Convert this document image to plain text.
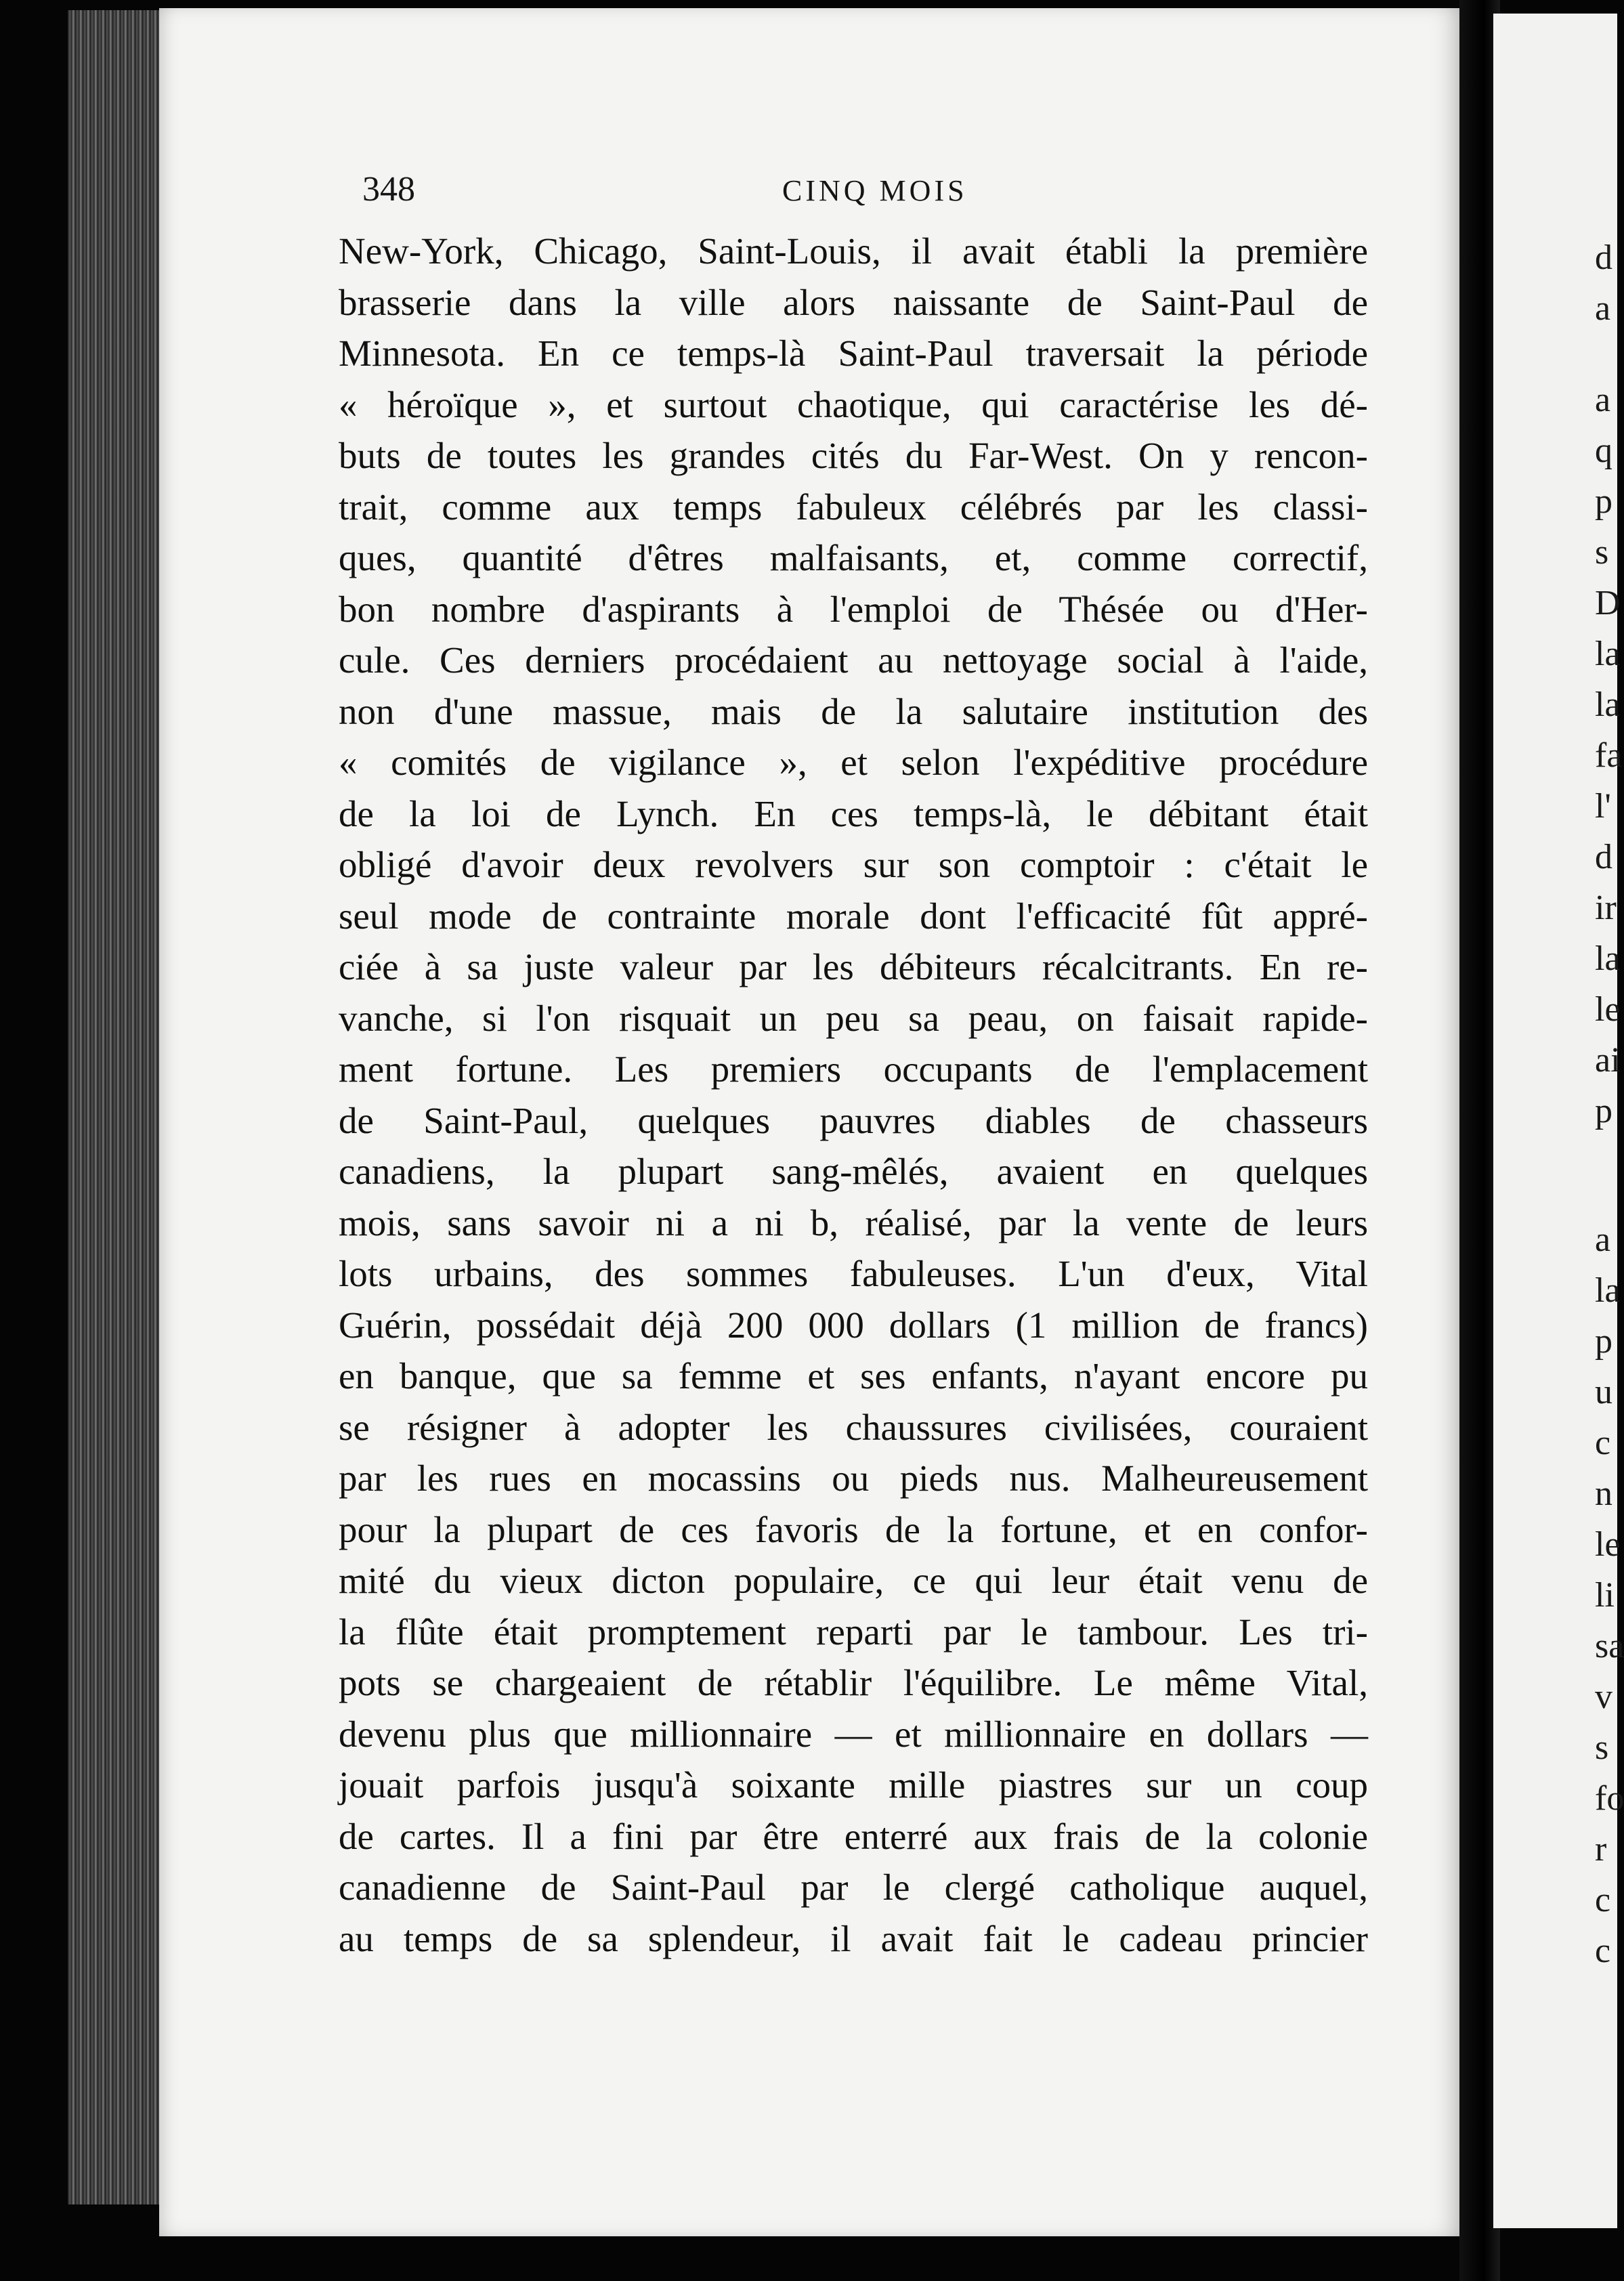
d
a
a
q
p
s
D
la
la
fa
l'
d
ir
la
le
ai
p
a
la
p
u
c
n
le
li
sa
v
s
fo
r
c
c
348	CINQ MOIS
New-York, Chicago, Saint-Louis, il avait établi la première
brasserie dans la ville alors naissante de Saint-Paul de
Minnesota. En ce temps-là Saint-Paul traversait la période
« héroïque », et surtout chaotique, qui caractérise les dé-
buts de toutes les grandes cités du Far-West. On y rencon-
trait, comme aux temps fabuleux célébrés par les classi-
ques, quantité d'êtres malfaisants, et, comme correctif,
bon nombre d'aspirants à l'emploi de Thésée ou d'Her-
cule. Ces derniers procédaient au nettoyage social à l'aide,
non d'une massue, mais de la salutaire institution des
« comités de vigilance », et selon l'expéditive procédure
de la loi de Lynch. En ces temps-là, le débitant était
obligé d'avoir deux revolvers sur son comptoir : c'était le
seul mode de contrainte morale dont l'efficacité fût appré-
ciée à sa juste valeur par les débiteurs récalcitrants. En re-
vanche, si l'on risquait un peu sa peau, on faisait rapide-
ment fortune. Les premiers occupants de l'emplacement
de Saint-Paul, quelques pauvres diables de chasseurs
canadiens, la plupart sang-mêlés, avaient en quelques
mois, sans savoir ni a ni b, réalisé, par la vente de leurs
lots urbains, des sommes fabuleuses. L'un d'eux, Vital
Guérin, possédait déjà 200 000 dollars (1 million de francs)
en banque, que sa femme et ses enfants, n'ayant encore pu
se résigner à adopter les chaussures civilisées, couraient
par les rues en mocassins ou pieds nus. Malheureusement
pour la plupart de ces favoris de la fortune, et en confor-
mité du vieux dicton populaire, ce qui leur était venu de
la flûte était promptement reparti par le tambour. Les tri-
pots se chargeaient de rétablir l'équilibre. Le même Vital,
devenu plus que millionnaire — et millionnaire en dollars —
jouait parfois jusqu'à soixante mille piastres sur un coup
de cartes. Il a fini par être enterré aux frais de la colonie
canadienne de Saint-Paul par le clergé catholique auquel,
au temps de sa splendeur, il avait fait le cadeau princier
